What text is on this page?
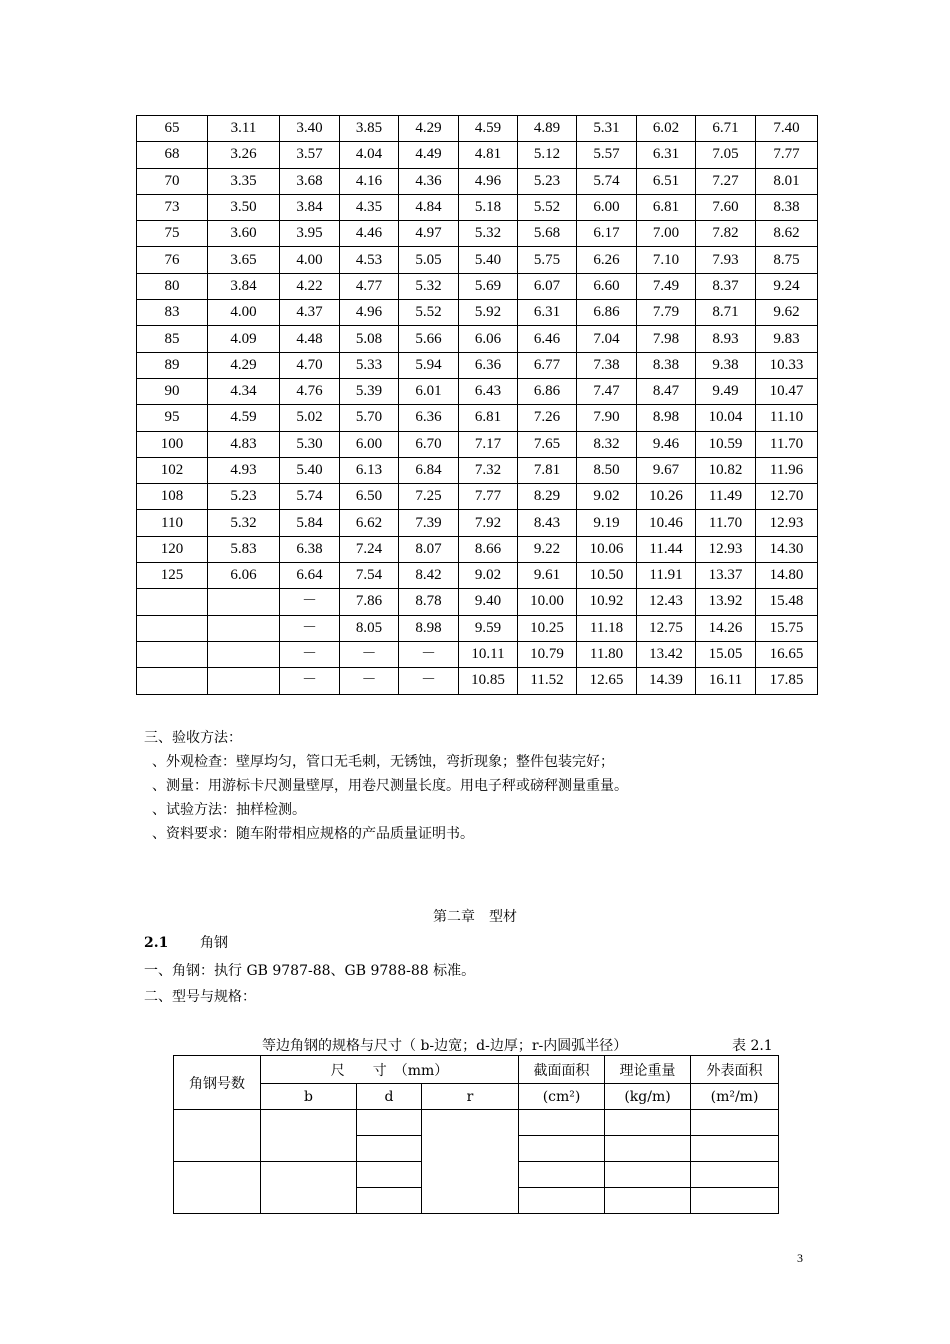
65	3.11	3.40	3.85	4.29	4.59	4.89	5.31	6.02	6.71	7.40
68	3.26	3.57	4.04	4.49	4.81	5.12	5.57	6.31	7.05	7.77
70	3.35	3.68	4.16	4.36	4.96	5.23	5.74	6.51	7.27	8.01
73	3.50	3.84	4.35	4.84	5.18	5.52	6.00	6.81	7.60	8.38
75	3.60	3.95	4.46	4.97	5.32	5.68	6.17	7.00	7.82	8.62
76	3.65	4.00	4.53	5.05	5.40	5.75	6.26	7.10	7.93	8.75
80	3.84	4.22	4.77	5.32	5.69	6.07	6.60	7.49	8.37	9.24
83	4.00	4.37	4.96	5.52	5.92	6.31	6.86	7.79	8.71	9.62
85	4.09	4.48	5.08	5.66	6.06	6.46	7.04	7.98	8.93	9.83
89	4.29	4.70	5.33	5.94	6.36	6.77	7.38	8.38	9.38	10.33
90	4.34	4.76	5.39	6.01	6.43	6.86	7.47	8.47	9.49	10.47
95	4.59	5.02	5.70	6.36	6.81	7.26	7.90	8.98	10.04	11.10
100	4.83	5.30	6.00	6.70	7.17	7.65	8.32	9.46	10.59	11.70
102	4.93	5.40	6.13	6.84	7.32	7.81	8.50	9.67	10.82	11.96
108	5.23	5.74	6.50	7.25	7.77	8.29	9.02	10.26	11.49	12.70
110	5.32	5.84	6.62	7.39	7.92	8.43	9.19	10.46	11.70	12.93
120	5.83	6.38	7.24	8.07	8.66	9.22	10.06	11.44	12.93	14.30
125	6.06	6.64	7.54	8.42	9.02	9.61	10.50	11.91	13.37	14.80
		－	7.86	8.78	9.40	10.00	10.92	12.43	13.92	15.48
		－	8.05	8.98	9.59	10.25	11.18	12.75	14.26	15.75
		－	－	－	10.11	10.79	11.80	13.42	15.05	16.65
		－	－	－	10.85	11.52	12.65	14.39	16.11	17.85
三、验收方法：
、外观检查：壁厚均匀，管口无毛刺，无锈蚀，弯折现象；整件包装完好；
、测量：用游标卡尺测量壁厚，用卷尺测量长度。用电子秤或磅秤测量重量。
、试验方法：抽样检测。
、资料要求：随车附带相应规格的产品质量证明书。
第二章　型材
2.1 角钢
一、角钢：执行 GB 9787-88、GB 9788-88 标准。
二、型号与规格：
等边角钢的规格与尺寸（ b-边宽；d-边厚；r-内圆弧半径）	表 2.1
角钢号数	尺　　寸　（mm）			截面面积	理论重量	外表面积
	b	d	r	(cm²)	(kg/m)	(m²/m)

3
